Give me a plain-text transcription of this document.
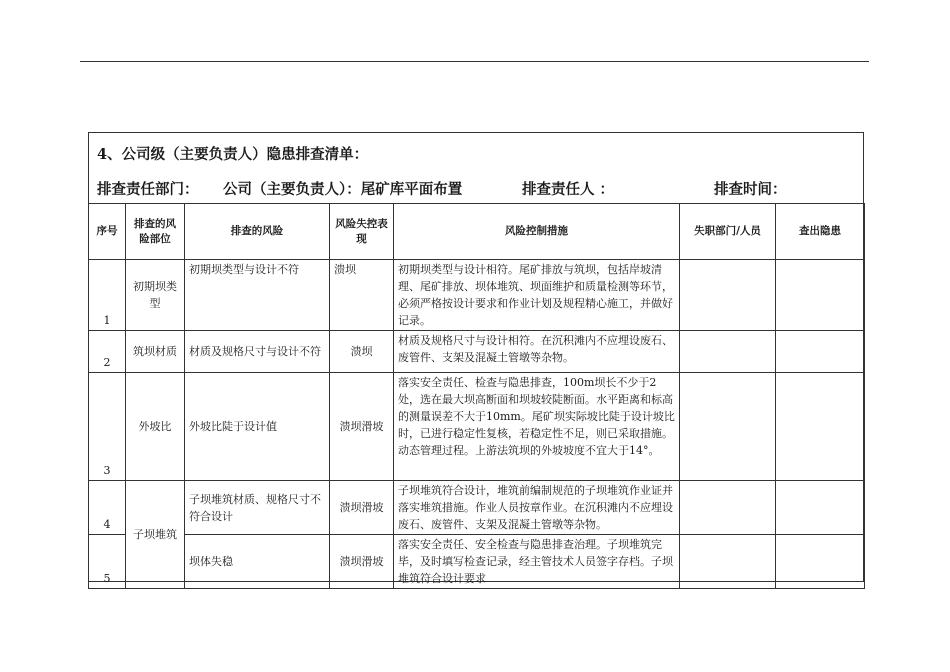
4、公司级（主要负责人）隐患排查清单：
排查责任部门： 公司（主要负责人）：尾矿库平面布置	排查责任人 ：	排查时间：
序号	排查的风险部位	排查的风险	风险失控表现	风险控制措施	失职部门/人员	查出隐患
1	初期坝类型	初期坝类型与设计不符	溃坝	初期坝类型与设计相符。尾矿排放与筑坝，包括岸坡清理、尾矿排放、坝体堆筑、坝面维护和质量检测等环节，必须严格按设计要求和作业计划及规程精心施工，并做好记录。		
2	筑坝材质	材质及规格尺寸与设计不符	溃坝	材质及规格尺寸与设计相符。在沉积滩内不应埋设废石、废管件、支架及混凝土管墩等杂物。		
3	外坡比	外坡比陡于设计值	溃坝滑坡	落实安全责任、检查与隐患排查，100m坝长不少于2处，选在最大坝高断面和坝坡较陡断面。水平距离和标高的测量误差不大于10mm。尾矿坝实际坡比陡于设计坡比时，已进行稳定性复核，若稳定性不足，则已采取措施。动态管理过程。上游法筑坝的外坡坡度不宜大于14°。		
4	子坝堆筑	子坝堆筑材质、规格尺寸不符合设计	溃坝滑坡	子坝堆筑符合设计，堆筑前编制规范的子坝堆筑作业证并落实堆筑措施。作业人员按章作业。在沉积滩内不应埋设废石、废管件、支架及混凝土管墩等杂物。		
5		坝体失稳	溃坝滑坡	落实安全责任、安全检查与隐患排查治理。子坝堆筑完毕，及时填写检查记录，经主管技术人员签字存档。子坝堆筑符合设计要求		
